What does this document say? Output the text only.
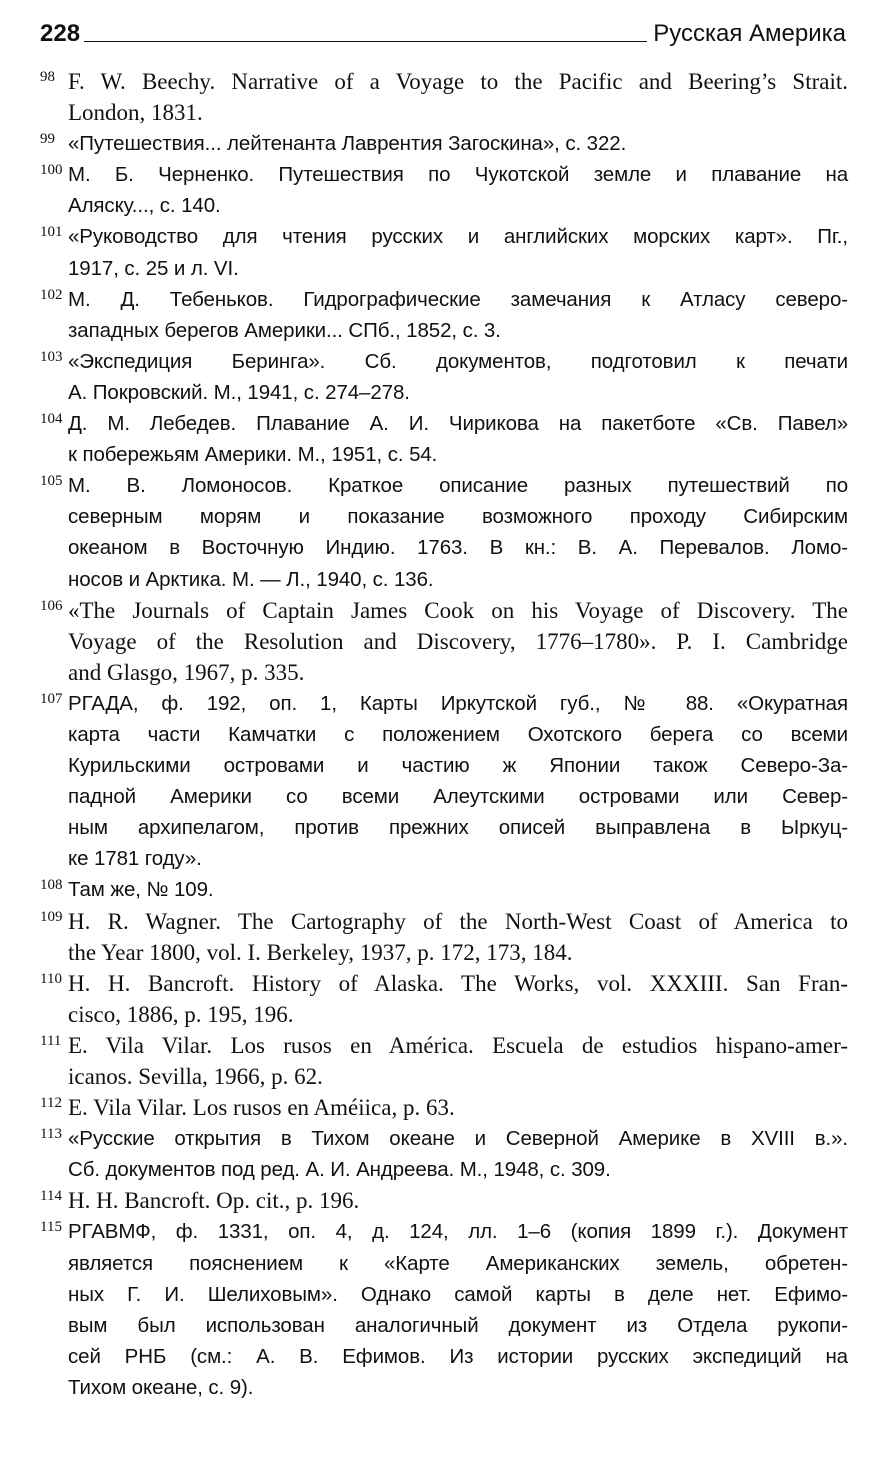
228	Русская Америка
98 F. W. Beechy. Narrative of a Voyage to the Pacific and Beering’s Strait.
London, 1831.
99 «Путешествия... лейтенанта Лаврентия Загоскина», с. 322.
100 М. Б. Черненко. Путешествия по Чукотской земле и плавание на
Аляску..., с. 140.
101 «Руководство для чтения русских и английских морских карт». Пг.,
1917, с. 25 и л. VI.
102 М. Д. Тебеньков. Гидрографические замечания к Атласу северо-
западных берегов Америки... СПб., 1852, с. 3.
103 «Экспедиция Беринга». Сб. документов, подготовил к печати
А. Покровский. М., 1941, с. 274–278.
104 Д. М. Лебедев. Плавание А. И. Чирикова на пакетботе «Св. Павел»
к побережьям Америки. М., 1951, с. 54.
105 М. В. Ломоносов. Краткое описание разных путешествий по
северным морям и показание возможного проходу Сибирским
океаном в Восточную Индию. 1763. В кн.: В. А. Перевалов. Ломо-
носов и Арктика. М. — Л., 1940, с. 136.
106 «The Journals of Captain James Cook on his Voyage of Discovery. The
Voyage of the Resolution and Discovery, 1776–1780». P. I. Cambridge
and Glasgo, 1967, p. 335.
107 РГАДА, ф. 192, оп. 1, Карты Иркутской губ., № 88. «Окуратная
карта части Камчатки с положением Охотского берега со всеми
Курильскими островами и частию ж Японии також Северо-За-
падной Америки со всеми Алеутскими островами или Север-
ным архипелагом, против прежних описей выправлена в Ыркуц-
ке 1781 году».
108 Там же, № 109.
109 H. R. Wagner. The Cartography of the North-West Coast of America to
the Year 1800, vol. I. Berkeley, 1937, p. 172, 173, 184.
110 H. H. Bancroft. History of Alaska. The Works, vol. XXXIII. San Fran-
cisco, 1886, p. 195, 196.
111 E. Vila Vilar. Los rusos en América. Escuela de estudios hispano-amer-
icanos. Sevilla, 1966, p. 62.
112 E. Vila Vilar. Los rusos en Améiica, p. 63.
113 «Русские открытия в Тихом океане и Северной Америке в XVIII в.».
Сб. документов под ред. А. И. Андреева. М., 1948, с. 309.
114 H. H. Bancroft. Op. cit., p. 196.
115 РГАВМФ, ф. 1331, оп. 4, д. 124, лл. 1–6 (копия 1899 г.). Документ
является пояснением к «Карте Американских земель, обретен-
ных Г. И. Шелиховым». Однако самой карты в деле нет. Ефимо-
вым был использован аналогичный документ из Отдела рукопи-
сей РНБ (см.: А. В. Ефимов. Из истории русских экспедиций на
Тихом океане, с. 9).
